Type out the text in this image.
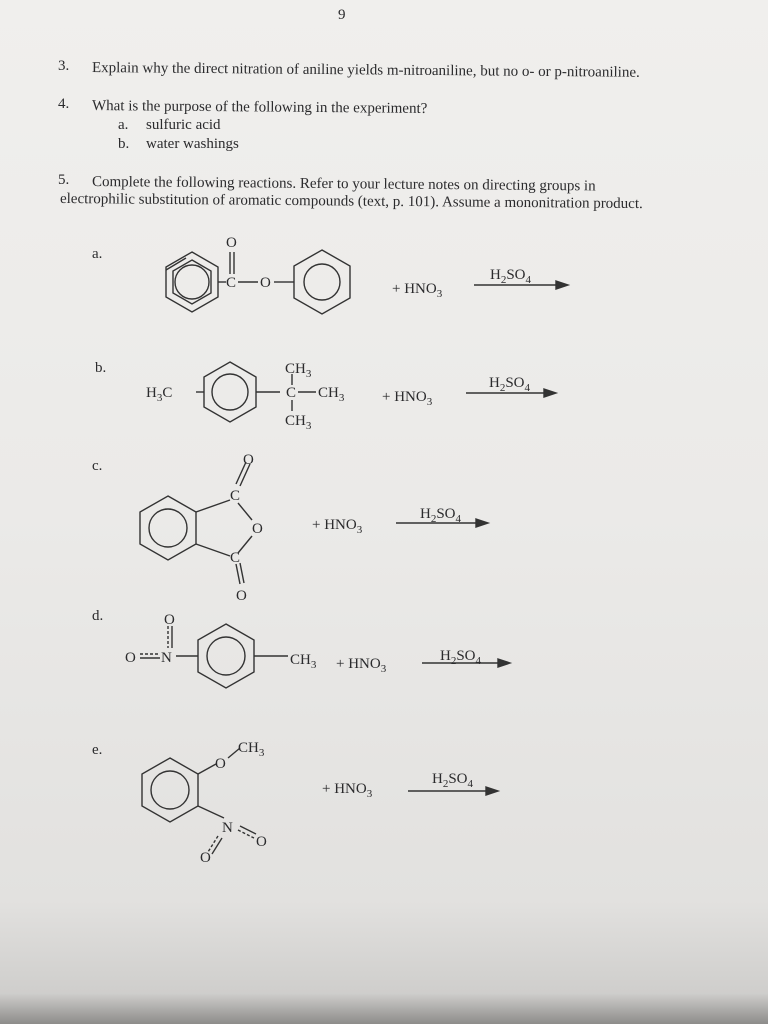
9
3. Explain why the direct nitration of aniline yields m-nitroaniline, but no o- or p-nitroaniline.
4. What is the purpose of the following in the experiment?
a. sulfuric acid
b. water washings
5. Complete the following reactions. Refer to your lecture notes on directing groups in
electrophilic substitution of aromatic compounds (text, p. 101). Assume a mononitration product.
a.
b.
c.
d.
e.
O
C O	+ $HNO_3$
$H_2SO_4$
$H_3C$
$CH_3$
C $CH_3$
$CH_3$
+ $HNO_3$
$H_2SO_4$
O
C
O
C
O
+ $HNO_3$
$H_2SO_4$
O
O N	$CH_3 + HNO_3$
$H_2SO_4$
O
$CH_3$
N
O
O
+ $HNO_3$
$H_2SO_4$
